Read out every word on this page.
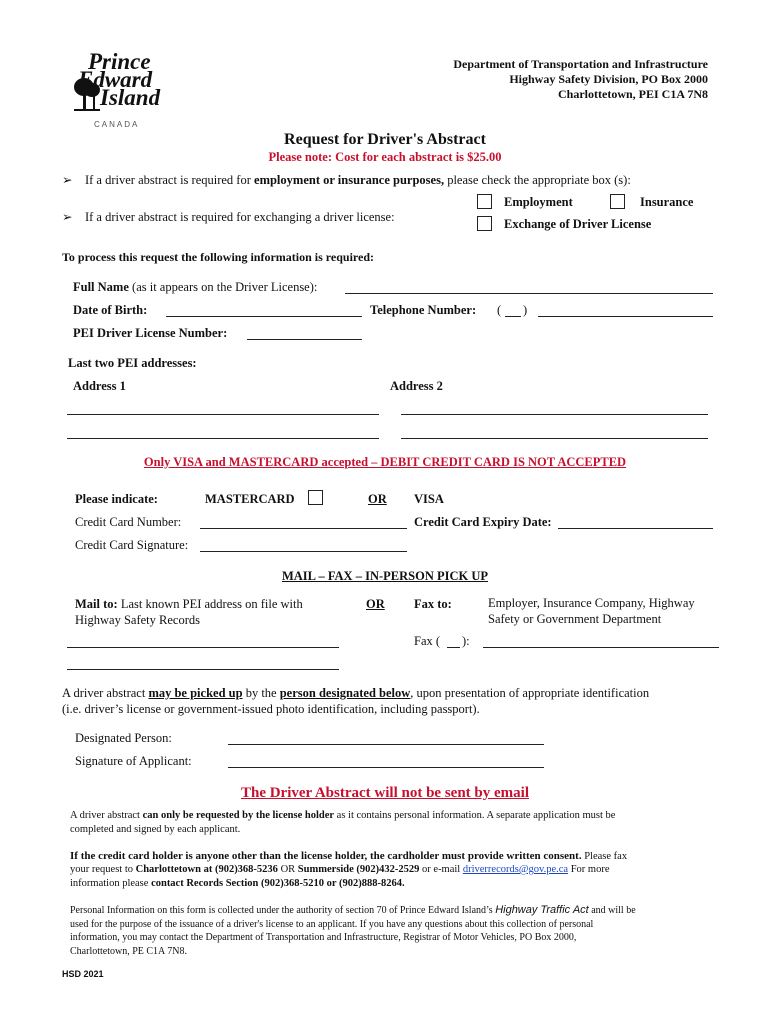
Prince
Edward
Island
CANADA
Department of Transportation and Infrastructure
Highway Safety Division, PO Box 2000
Charlottetown, PEI C1A 7N8
Request for Driver's Abstract
Please note: Cost for each abstract is $25.00
➢ If a driver abstract is required for employment or insurance purposes, please check the appropriate box (s):
➢ If a driver abstract is required for exchanging a driver license:
Employment	Insurance
Exchange of Driver License
To process this request the following information is required:
Full Name (as it appears on the Driver License):
Date of Birth:	Telephone Number: ( )
PEI Driver License Number:
Last two PEI addresses:
Address 1	Address 2
Only VISA and MASTERCARD accepted – DEBIT CREDIT CARD IS NOT ACCEPTED
Please indicate:	MASTERCARD	OR VISA
Credit Card Number:	Credit Card Expiry Date:
Credit Card Signature:
MAIL – FAX – IN-PERSON PICK UP
Mail to: Last known PEI address on file with
Highway Safety Records
OR Fax to:	Employer, Insurance Company, Highway
Safety or Government Department
Fax ( ):
A driver abstract may be picked up by the person designated below, upon presentation of appropriate identification
(i.e. driver’s license or government-issued photo identification, including passport).
Designated Person:
Signature of Applicant:
The Driver Abstract will not be sent by email
A driver abstract can only be requested by the license holder as it contains personal information. A separate application must be
completed and signed by each applicant.
If the credit card holder is anyone other than the license holder, the cardholder must provide written consent. Please fax
your request to Charlottetown at (902)368-5236 OR Summerside (902)432-2529 or e-mail driverrecords@gov.pe.ca For more
information please contact Records Section (902)368-5210 or (902)888-8264.
Personal Information on this form is collected under the authority of section 70 of Prince Edward Island’s Highway Traffic Act and will be
used for the purpose of the issuance of a driver's license to an applicant. If you have any questions about this collection of personal
information, you may contact the Department of Transportation and Infrastructure, Registrar of Motor Vehicles, PO Box 2000,
Charlottetown, PE C1A 7N8.
HSD 2021
